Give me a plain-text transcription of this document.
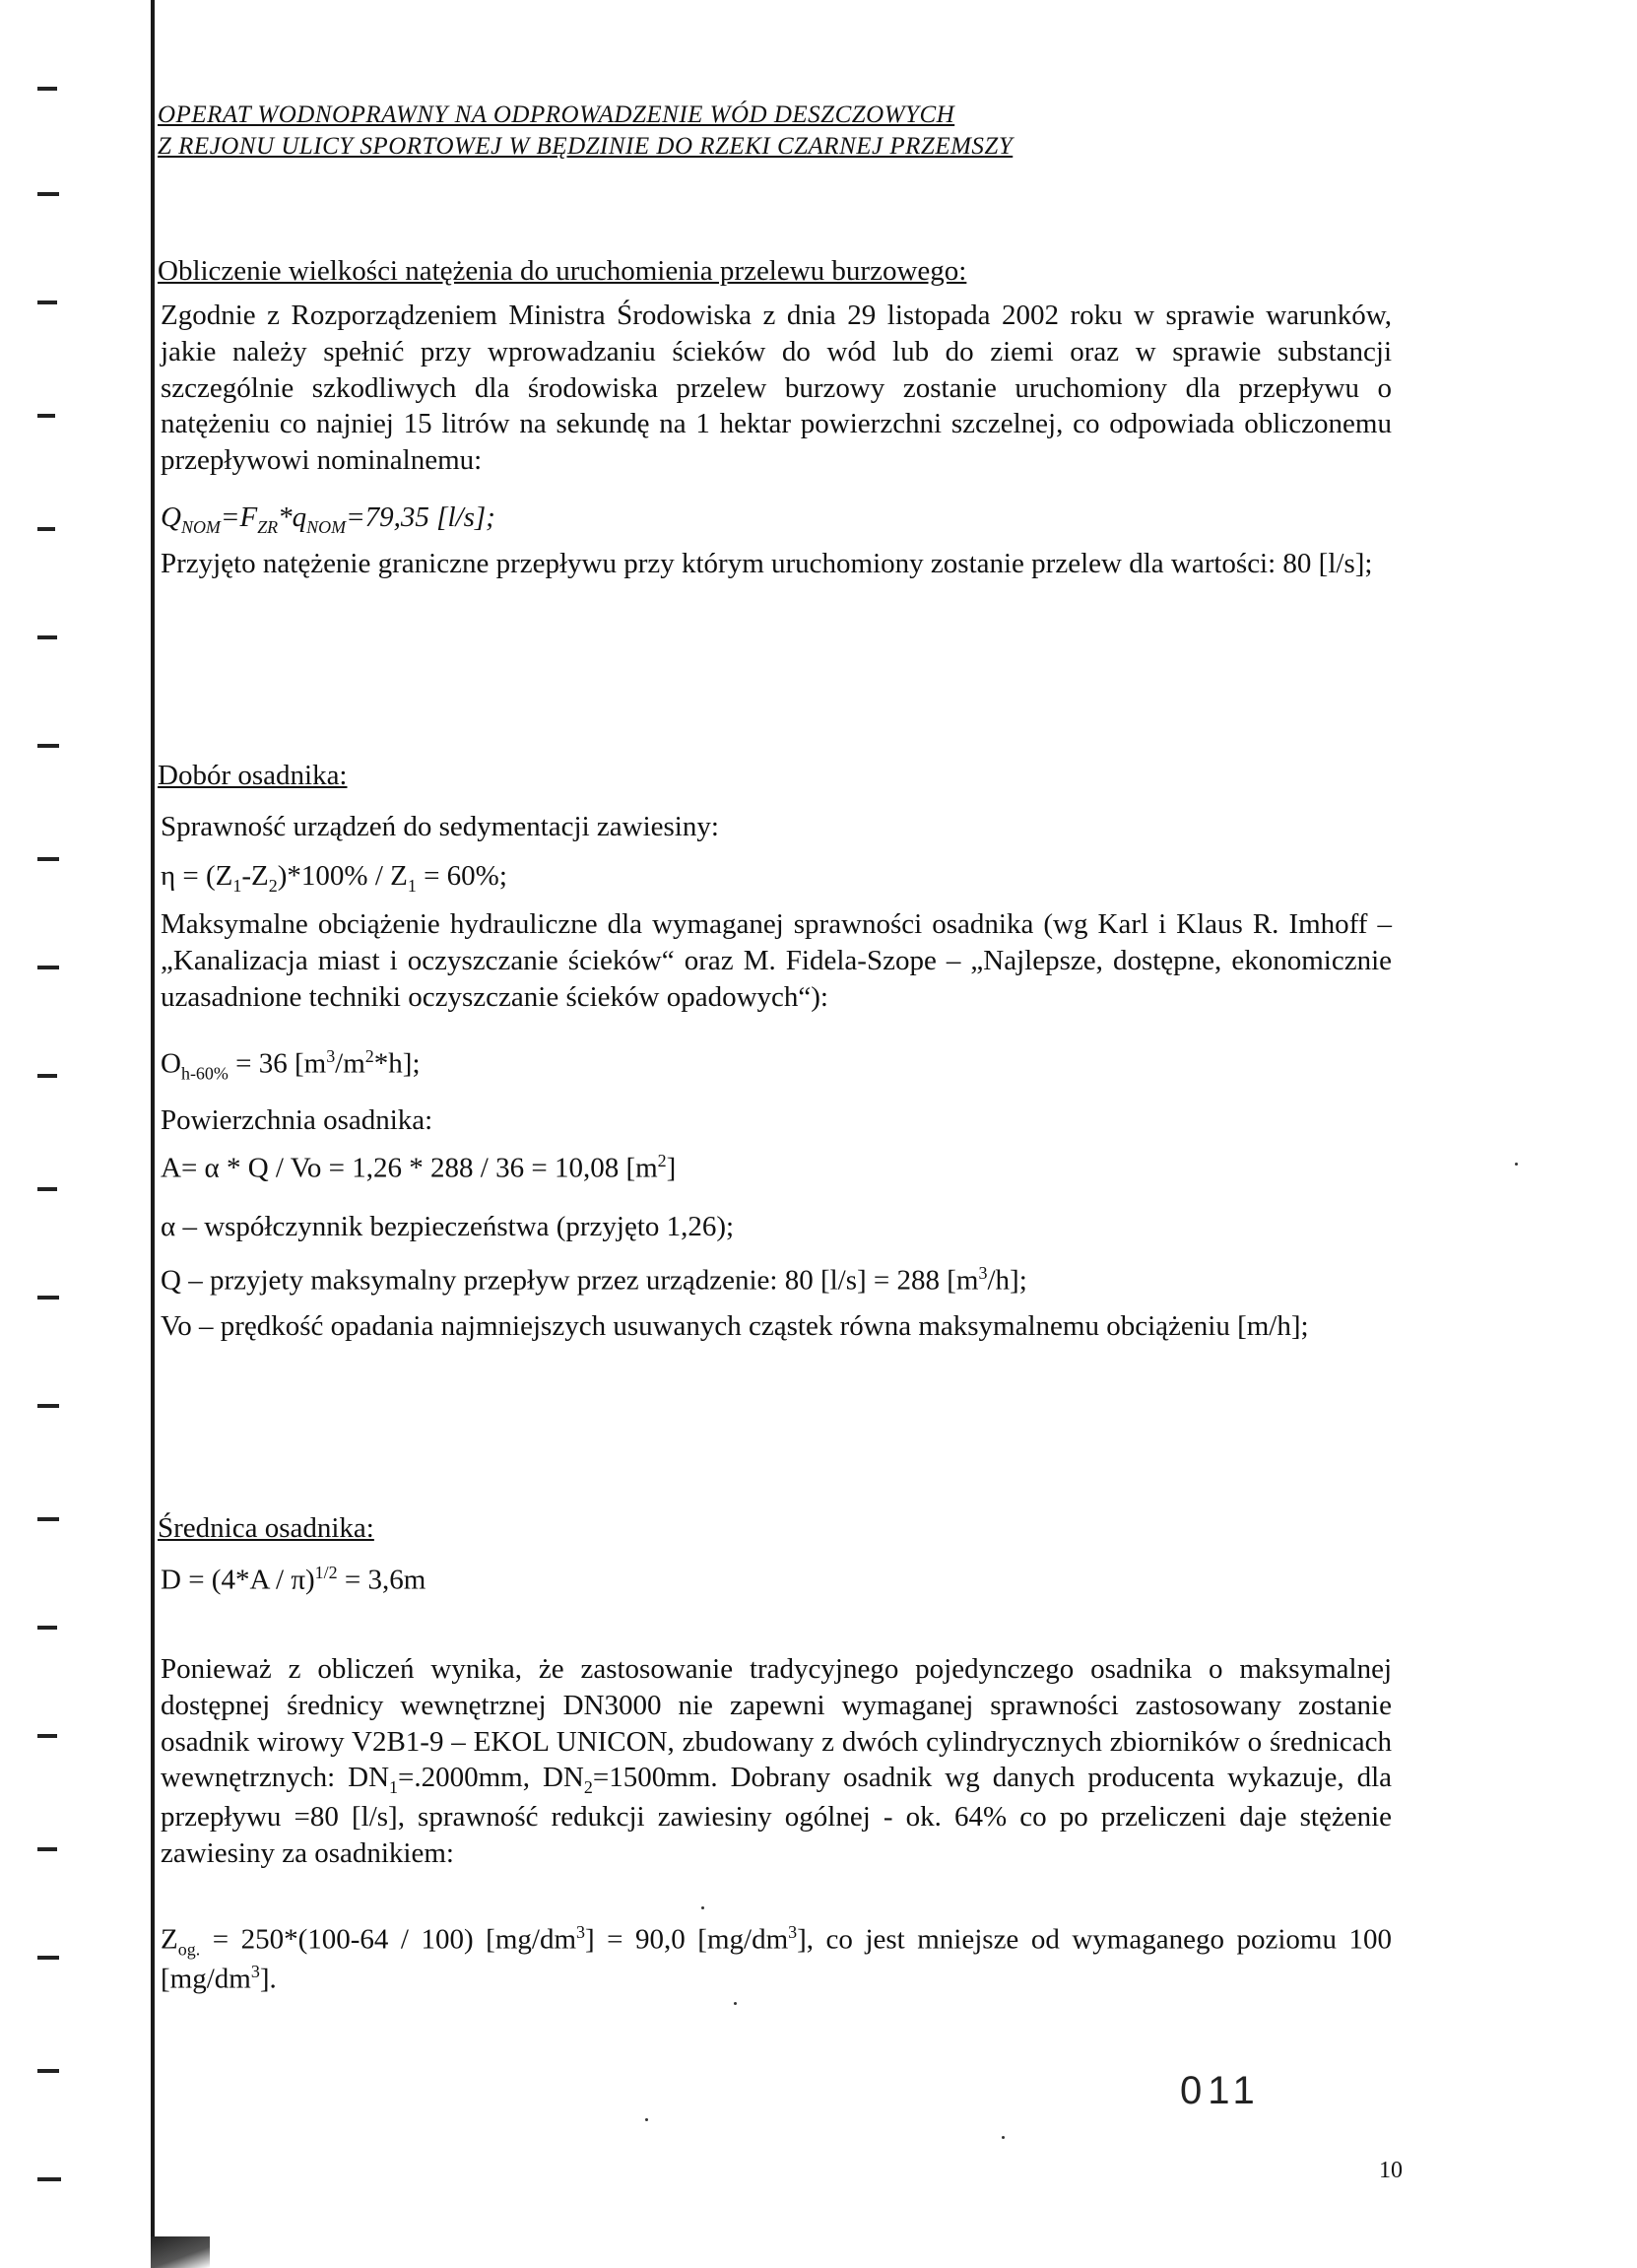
OPERAT WODNOPRAWNY NA ODPROWADZENIE WÓD DESZCZOWYCH
Z REJONU ULICY SPORTOWEJ W BĘDZINIE DO RZEKI CZARNEJ PRZEMSZY
Obliczenie wielkości natężenia do uruchomienia przelewu burzowego:
Zgodnie z Rozporządzeniem Ministra Środowiska z dnia 29 listopada 2002 roku w sprawie warunków, jakie należy spełnić przy wprowadzaniu ścieków do wód lub do ziemi oraz w sprawie substancji szczególnie szkodliwych dla środowiska przelew burzowy zostanie uruchomiony dla przepływu o natężeniu co najniej 15 litrów na sekundę na 1 hektar powierzchni szczelnej, co odpowiada obliczonemu przepływowi nominalnemu:
$Q_{NOM}=F_{ZR}*q_{NOM}=79,35$ [l/s];
Przyjęto natężenie graniczne przepływu przy którym uruchomiony zostanie przelew dla wartości: 80 [l/s];
Dobór osadnika:
Sprawność urządzeń do sedymentacji zawiesiny:
$\eta = (Z_1-Z_2)*100\% / Z_1 = 60\%$;
Maksymalne obciążenie hydrauliczne dla wymaganej sprawności osadnika (wg Karl i Klaus R. Imhoff – „Kanalizacja miast i oczyszczanie ścieków“ oraz M. Fidela-Szope – „Najlepsze, dostępne, ekonomicznie uzasadnione techniki oczyszczanie ścieków opadowych“):
$O_{h-60\%} = 36$ $[m^3/m^2*h]$;
Powierzchnia osadnika:
A= α * Q / Vo = 1,26 * 288 / 36 = 10,08 $[m^2]$
α – współczynnik bezpieczeństwa (przyjęto 1,26);
Q – przyjety maksymalny przepływ przez urządzenie: 80 [l/s] = 288 $[m^3/h]$;
Vo – prędkość opadania najmniejszych usuwanych cząstek równa maksymalnemu obciążeniu [m/h];
Średnica osadnika:
D = (4*A / π)$^{1/2}$ = 3,6m
Ponieważ z obliczeń wynika, że zastosowanie tradycyjnego pojedynczego osadnika o maksymalnej dostępnej średnicy wewnętrznej DN3000 nie zapewni wymaganej sprawności zastosowany zostanie osadnik wirowy V2B1-9 – EKOL UNICON, zbudowany z dwóch cylindrycznych zbiorników o średnicach wewnętrznych: $DN_1=.2000mm$, $DN_2=1500mm$. Dobrany osadnik wg danych producenta wykazuje, dla przepływu =80 [l/s], sprawność redukcji zawiesiny ogólnej - ok. 64% co po przeliczeni daje stężenie zawiesiny za osadnikiem:
$Z_{og.} = 250*(100-64 / 100) [mg/dm^3] = 90,0$ $[mg/dm^3]$, co jest mniejsze od wymaganego poziomu 100 $[mg/dm^3]$.
011
10
